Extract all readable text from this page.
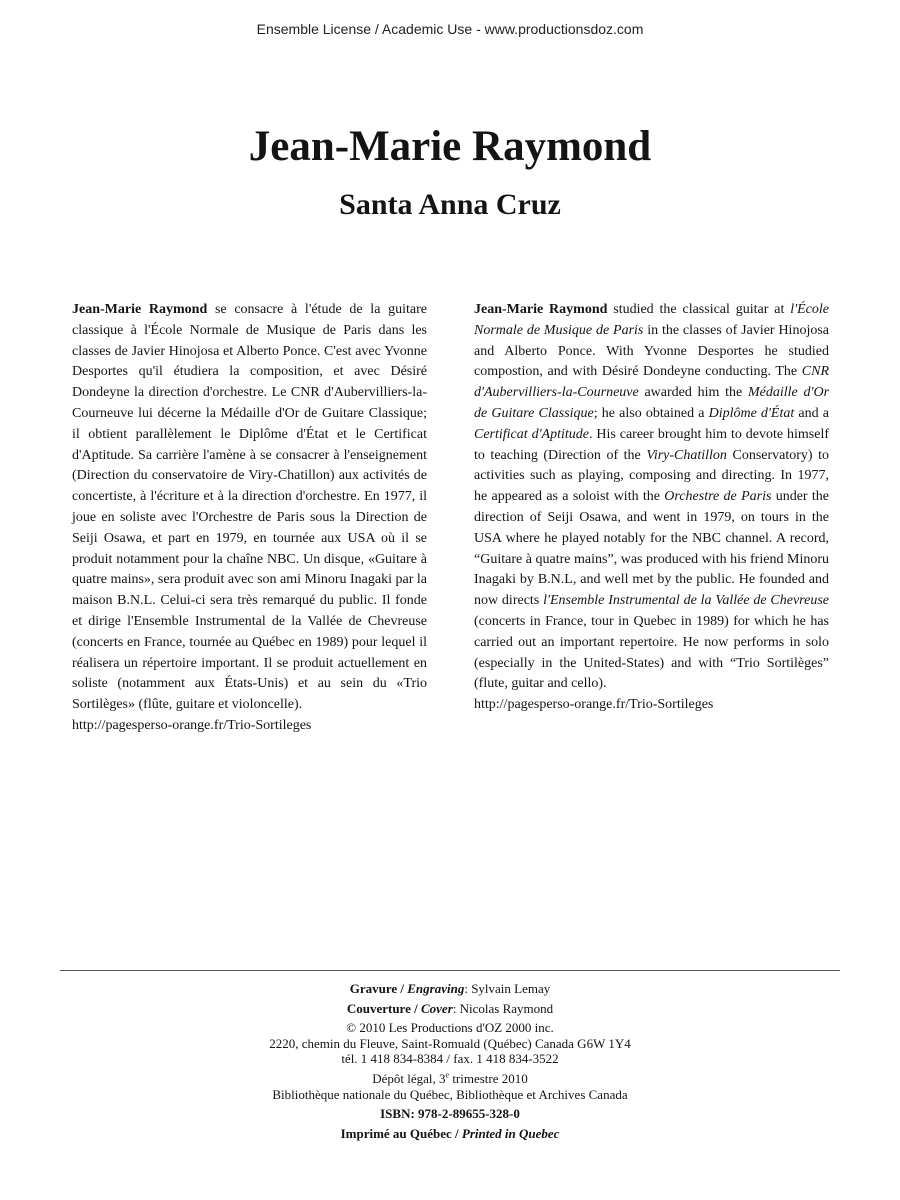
Ensemble License / Academic Use - www.productionsdoz.com
Jean-Marie Raymond
Santa Anna Cruz

Jean-Marie Raymond se consacre à l'étude de la guitare classique à l'École Normale de Musique de Paris dans les classes de Javier Hinojosa et Alberto Ponce. C'est avec Yvonne Desportes qu'il étudiera la composition, et avec Désiré Dondeyne la direction d'orchestre. Le CNR d'Aubervilliers-la-Courneuve lui décerne la Médaille d'Or de Guitare Classique; il obtient parallèlement le Diplôme d'État et le Certificat d'Aptitude. Sa carrière l'amène à se consacrer à l'enseignement (Direction du conservatoire de Viry-Chatillon) aux activités de concertiste, à l'écriture et à la direction d'orchestre. En 1977, il joue en soliste avec l'Orchestre de Paris sous la Direction de Seiji Osawa, et part en 1979, en tournée aux USA où il se produit notamment pour la chaîne NBC. Un disque, «Guitare à quatre mains», sera produit avec son ami Minoru Inagaki par la maison B.N.L. Celui-ci sera très remarqué du public. Il fonde et dirige l'Ensemble Instrumental de la Vallée de Chevreuse (concerts en France, tournée au Québec en 1989) pour lequel il réalisera un répertoire important. Il se produit actuellement en soliste (notamment aux États-Unis) et au sein du «Trio Sortilèges» (flûte, guitare et violoncelle).

http://pagesperso-orange.fr/Trio-Sortileges

Jean-Marie Raymond studied the classical guitar at l'École Normale de Musique de Paris in the classes of Javier Hinojosa and Alberto Ponce. With Yvonne Desportes he studied compostion, and with Désiré Dondeyne conducting. The CNR d'Aubervilliers-la-Courneuve awarded him the Médaille d'Or de Guitare Classique; he also obtained a Diplôme d'État and a Certificat d'Aptitude. His career brought him to devote himself to teaching (Direction of the Viry-Chatillon Conservatory) to activities such as playing, composing and directing. In 1977, he appeared as a soloist with the Orchestre de Paris under the direction of Seiji Osawa, and went in 1979, on tours in the USA where he played notably for the NBC channel. A record, “Guitare à quatre mains”, was produced with his friend Minoru Inagaki by B.N.L, and well met by the public. He founded and now directs l'Ensemble Instrumental de la Vallée de Chevreuse (concerts in France, tour in Quebec in 1989) for which he has carried out an important repertoire. He now performs in solo (especially in the United-States) and with “Trio Sortilèges” (flute, guitar and cello).

http://pagesperso-orange.fr/Trio-Sortileges

Gravure / Engraving: Sylvain Lemay
Couverture / Cover: Nicolas Raymond
© 2010 Les Productions d'OZ 2000 inc.
2220, chemin du Fleuve, Saint-Romuald (Québec) Canada G6W 1Y4
tél. 1 418 834-8384 / fax. 1 418 834-3522
Dépôt légal, 3e trimestre 2010
Bibliothèque nationale du Québec, Bibliothèque et Archives Canada
ISBN: 978-2-89655-328-0
Imprimé au Québec / Printed in Quebec
